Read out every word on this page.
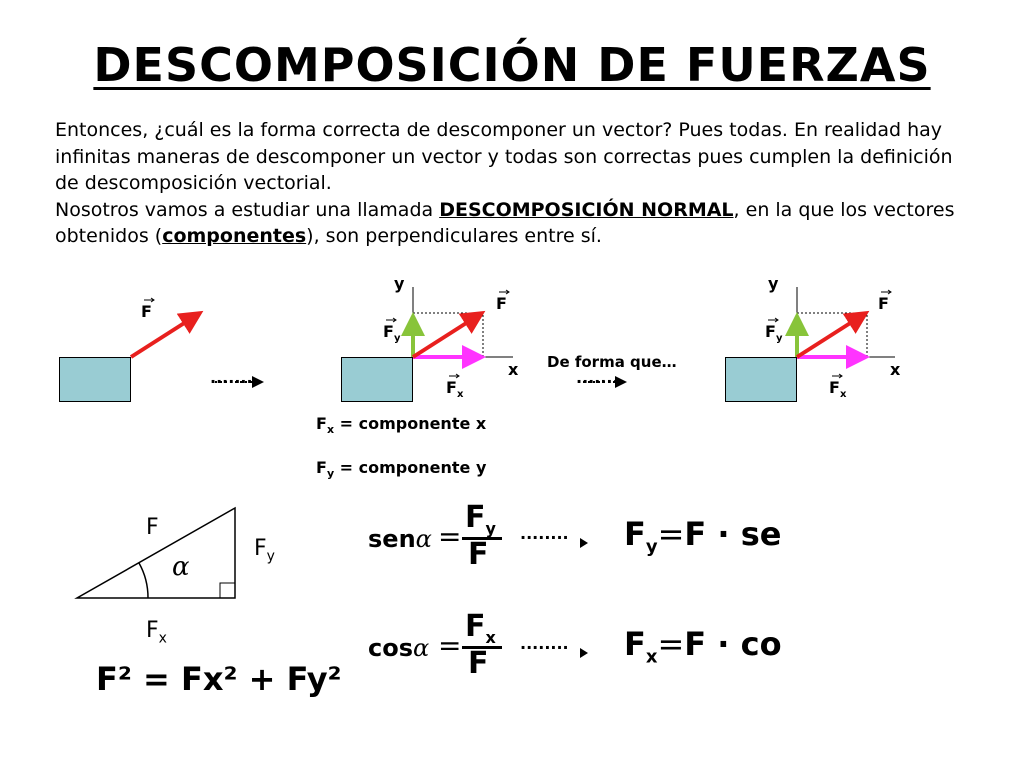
DESCOMPOSICIÓN DE FUERZAS
Entonces, ¿cuál es la forma correcta de descomponer un vector? Pues todas. En realidad hay infinitas maneras de descomponer un vector y todas son correctas pues cumplen la definición de descomposición vectorial.
Nosotros vamos a estudiar una llamada DESCOMPOSICIÓN NORMAL, en la que los vectores obtenidos (componentes), son perpendiculares entre sí.
F	F
y
x
$F_y$
$F_x$
........
De forma que…
........
F
y
x
$F_y$
$F_x$
$F_x$ = componente x
$F_y$ = componente y
F
$F_y$
$F_x$
α
senα =
$F_y$
F
........ $F_y=F$ · se
cosα =
$F_x$
F
........ $F_x=F$ · co
F² = Fx² + Fy²
